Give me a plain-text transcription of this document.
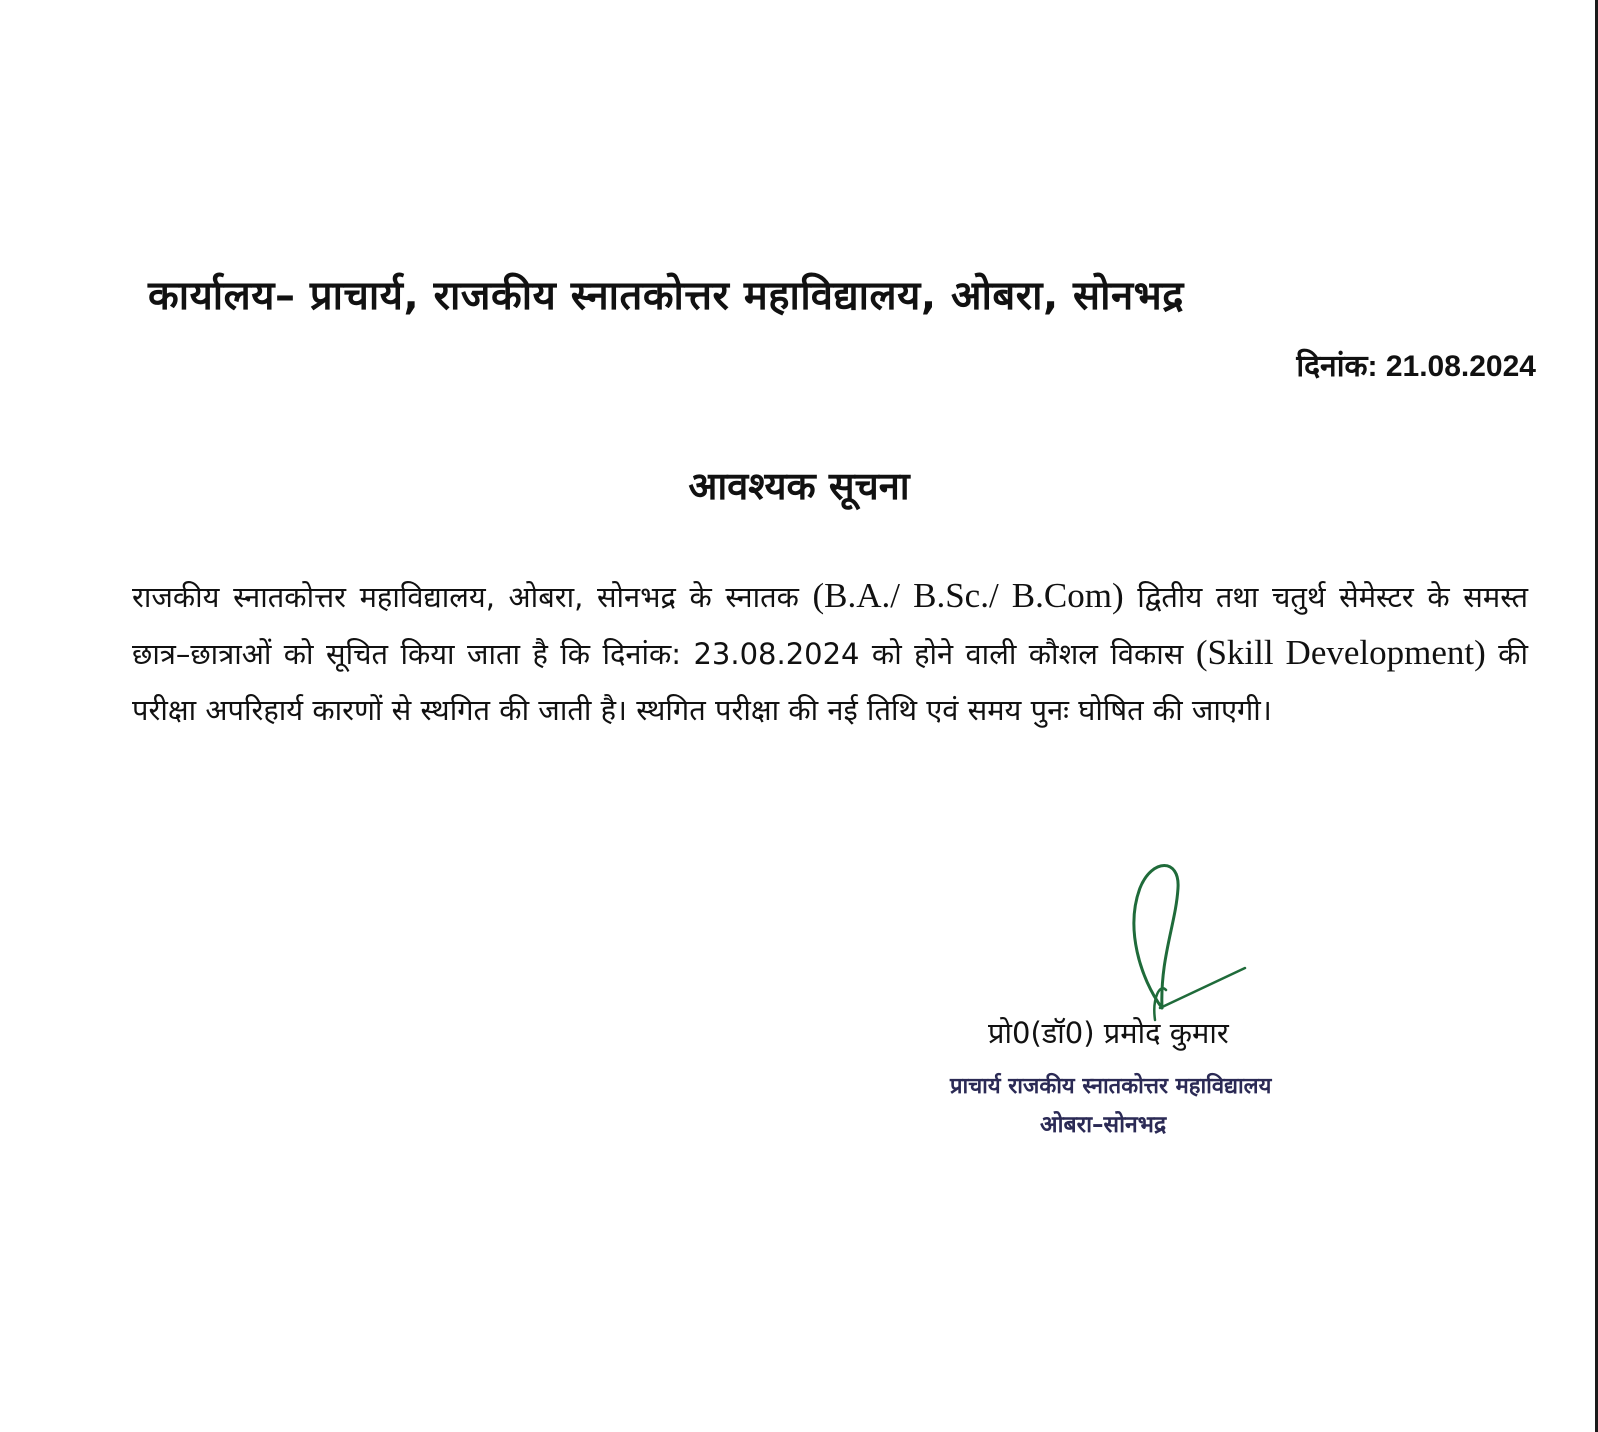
कार्यालय– प्राचार्य, राजकीय स्नातकोत्तर महाविद्यालय, ओबरा, सोनभद्र
दिनांक: 21.08.2024
आवश्यक सूचना
राजकीय स्नातकोत्तर महाविद्यालय, ओबरा, सोनभद्र के स्नातक (B.A./ B.Sc./ B.Com) द्वितीय तथा चतुर्थ सेमेस्टर के समस्त छात्र–छात्राओं को सूचित किया जाता है कि दिनांक: 23.08.2024 को होने वाली कौशल विकास (Skill Development) की परीक्षा अपरिहार्य कारणों से स्थगित की जाती है। स्थगित परीक्षा की नई तिथि एवं समय पुनः घोषित की जाएगी।
प्रो0(डॉ0) प्रमोद कुमार
प्राचार्य राजकीय स्नातकोत्तर महाविद्यालय
ओबरा–सोनभद्र
